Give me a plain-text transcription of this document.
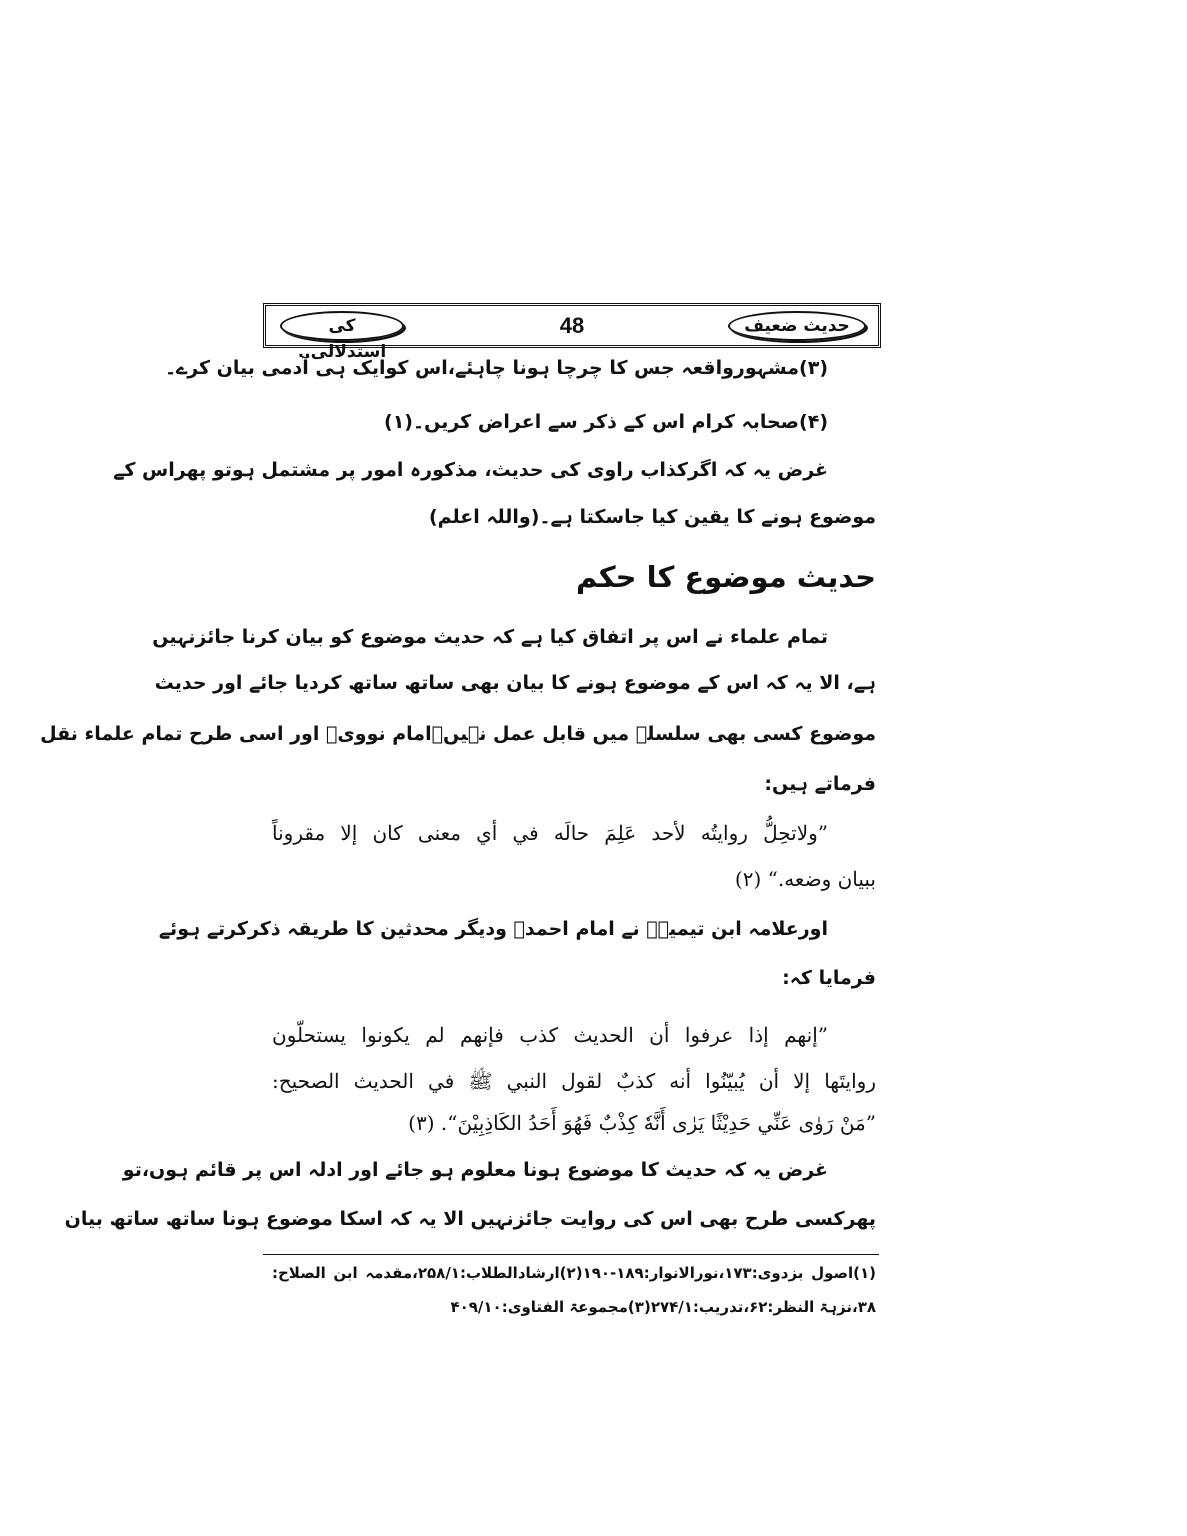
کی استدلالی..
48	حدیث ضعیف
(۳)مشہورواقعہ جس کا چرچا ہونا چاہئے،اس کوایک ہی آدمی بیان کرے۔
(۴)صحابہ کرام اس کے ذکر سے اعراض کریں۔(۱)
غرض یہ کہ اگرکذاب راوی کی حدیث، مذکورہ امور پر مشتمل ہوتو پھراس کے
موضوع ہونے کا یقین کیا جاسکتا ہے۔(واللہ اعلم)
حدیث موضوع کا حکم
تمام علماء نے اس پر اتفاق کیا ہے کہ حدیث موضوع کو بیان کرنا جائزنہیں
ہے، الا یہ کہ اس کے موضوع ہونے کا بیان بھی ساتھ ساتھ کردیا جائے اور حدیث
موضوع کسی بھی سلسلے میں قابل عمل نہیں۔امام نوویؒ اور اسی طرح تمام علماء نقل
فرماتے ہیں:
”ولاتحِلُّ روايتُه لأحد عَلِمَ حالَه في أي معنى كان إلا مقروناً
ببيان وضعه.“ (۲)
اورعلامہ ابن تیمیہؒ نے امام احمدؒ ودیگر محدثین کا طریقہ ذکرکرتے ہوئے
فرمایا کہ:
”إنهم إذا عرفوا أن الحديث كذب فإنهم لم يكونوا يستحلّون
روايتَها إلا أن يُبيّنُوا أنه كذبٌ لقول النبي ﷺ في الحديث الصحيح:
”مَنْ رَوٰى عَنِّي حَدِيْثًا يَرٰى أَنَّهٗ كِذْبٌ فَهُوَ أَحَدُ الكَاذِبِيْنَ“. (۳)
غرض یہ کہ حدیث کا موضوع ہونا معلوم ہو جائے اور ادلہ اس پر قائم ہوں،تو
پھرکسی طرح بھی اس کی روایت جائزنہیں الا یہ کہ اسکا موضوع ہونا ساتھ ساتھ بیان
(۱)اصول بزدوی:۱۷۳،نورالانوار:۱۸۹-۱۹۰(۲)ارشادالطلاب:۲۵۸/۱،مقدمہ ابن الصلاح:
۳۸،نزہۃ النظر:۶۲،تدریب:۲۷۴/۱(۳)مجموعۃ الفتاوی:۴۰۹/۱۰
